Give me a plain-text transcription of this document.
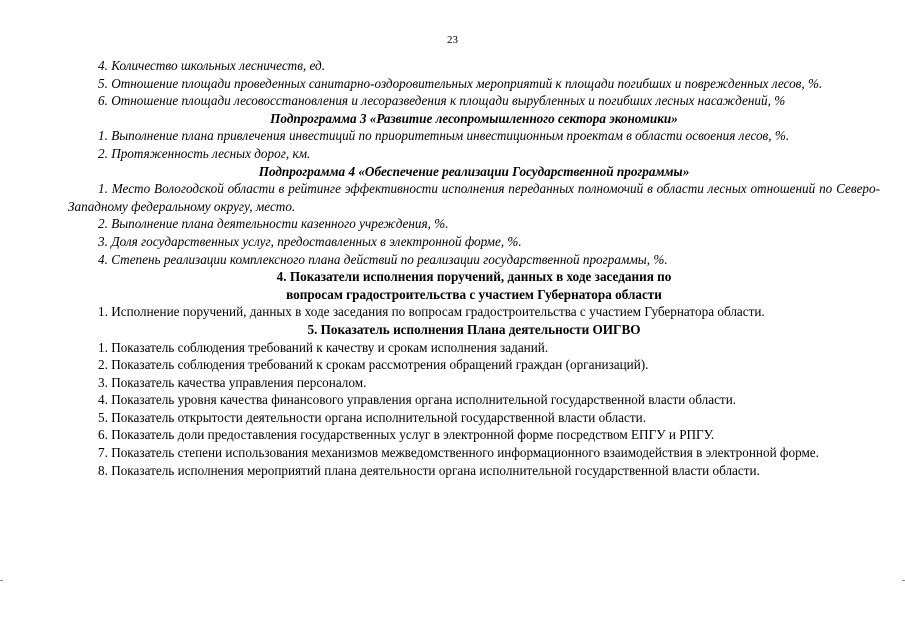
23

4. Количество школьных лесничеств, ед.

5. Отношение площади проведенных санитарно-оздоровительных мероприятий к площади погибших и поврежденных лесов, %.

6. Отношение площади лесовосстановления и лесоразведения к площади вырубленных и погибших лесных насаждений, %

Подпрограмма 3 «Развитие лесопромышленного сектора экономики»

1. Выполнение плана привлечения инвестиций по приоритетным инвестиционным проектам в области освоения лесов, %.

2. Протяженность лесных дорог, км.

Подпрограмма 4 «Обеспечение реализации Государственной программы»

1. Место Вологодской области в рейтинге эффективности исполнения переданных полномочий в области лесных отношений по Северо-Западному федеральному округу, место.

2. Выполнение плана деятельности казенного учреждения, %.

3. Доля государственных услуг, предоставленных в электронной форме, %.

4. Степень реализации комплексного плана действий по реализации государственной программы, %.

4. Показатели исполнения поручений, данных в ходе заседания по

вопросам градостроительства с участием Губернатора области

1. Исполнение поручений, данных в ходе заседания по вопросам градостроительства с участием Губернатора области.

5. Показатель исполнения Плана деятельности ОИГВО

1. Показатель соблюдения требований к качеству и срокам исполнения заданий.

2. Показатель соблюдения требований к срокам рассмотрения обращений граждан (организаций).

3. Показатель качества управления персоналом.

4. Показатель уровня качества финансового управления органа исполнительной государственной власти области.

5. Показатель открытости деятельности органа исполнительной государственной власти области.

6. Показатель доли предоставления государственных услуг в электронной форме посредством ЕПГУ и РПГУ.

7. Показатель степени использования механизмов межведомственного информационного взаимодействия в электронной форме.

8. Показатель исполнения мероприятий плана деятельности органа исполнительной государственной власти области.
